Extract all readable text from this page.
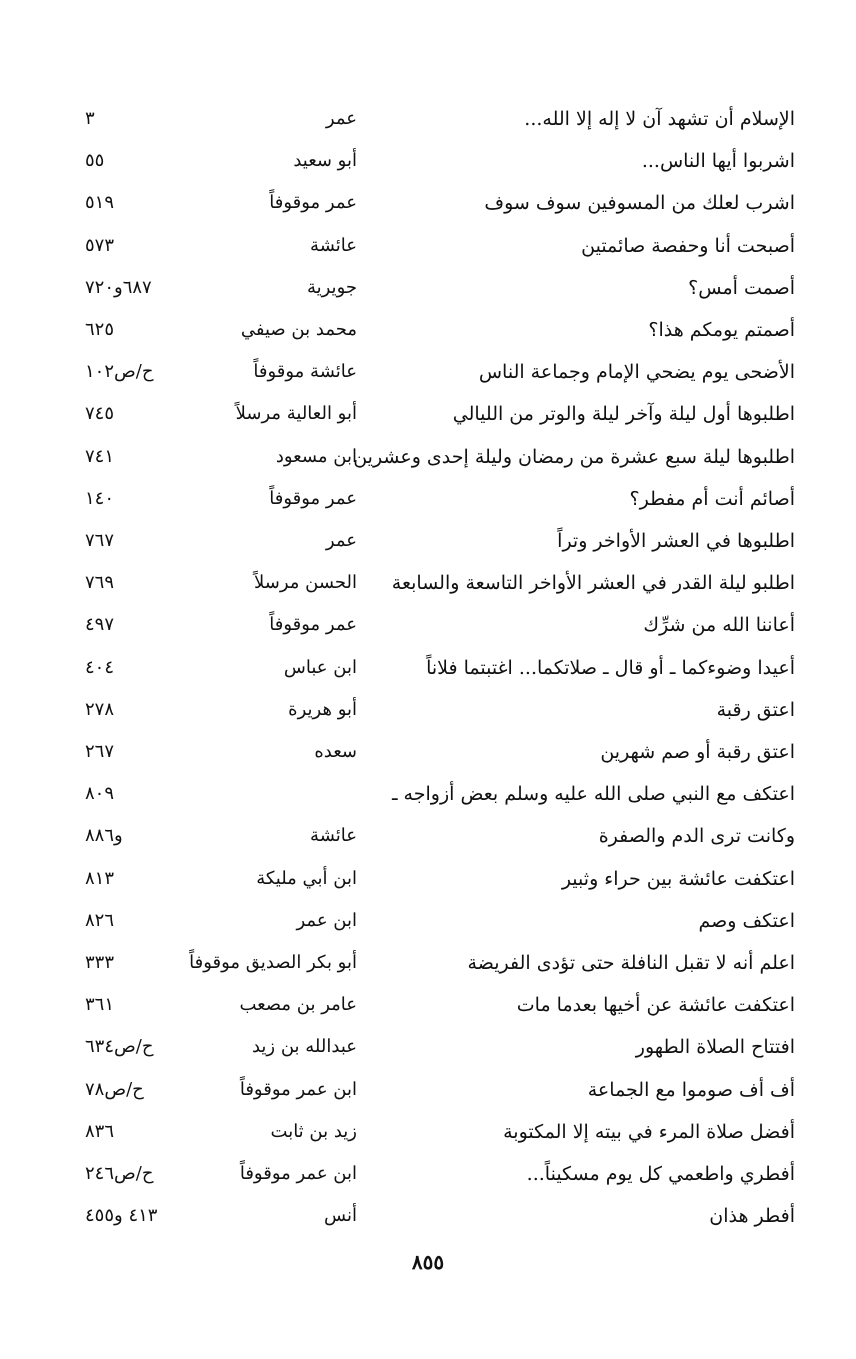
الإسلام أن تشهد آن لا إله إلا الله...
عمر
٣
اشربوا أيها الناس...
أبو سعيد
٥٥
اشرب لعلك من المسوفين سوف سوف
عمر موقوفاً
٥١٩
أصبحت أنا وحفصة صائمتين
عائشة
٥٧٣
أصمت أمس؟
جويرية
٦٨٧و٧٢٠
أصمتم يومكم هذا؟
محمد بن صيفي
٦٢٥
الأضحى يوم يضحي الإمام وجماعة الناس
عائشة موقوفاً
ح/ص١٠٢
اطلبوها أول ليلة وآخر ليلة والوتر من الليالي
أبو العالية مرسلاً
٧٤٥
اطلبوها ليلة سبع عشرة من رمضان وليلة إحدى وعشرين
ابن مسعود
٧٤١
أصائم أنت أم مفطر؟
عمر موقوفاً
١٤٠
اطلبوها في العشر الأواخر وتراً
عمر
٧٦٧
اطلبو ليلة القدر في العشر الأواخر التاسعة والسابعة
الحسن مرسلاً
٧٦٩
أعاننا الله من شرِّك
عمر موقوفاً
٤٩٧
أعيدا وضوءكما ـ أو قال ـ صلاتكما... اغتبتما فلاناً
ابن عباس
٤٠٤
اعتق رقبة
أبو هريرة
٢٧٨
اعتق رقبة أو صم شهرين
سعده
٢٦٧
اعتكف مع النبي صلى الله عليه وسلم بعض أزواجه ـ
٨٠٩
وكانت ترى الدم والصفرة
عائشة
و٨٨٦
اعتكفت عائشة بين حراء وثبير
ابن أبي مليكة
٨١٣
اعتكف وصم
ابن عمر
٨٢٦
اعلم أنه لا تقبل النافلة حتى تؤدى الفريضة
أبو بكر الصديق موقوفاً
٣٣٣
اعتكفت عائشة عن أخيها بعدما مات
عامر بن مصعب
٣٦١
افتتاح الصلاة الطهور
عبدالله بن زيد
ح/ص٦٣٤
أف أف صوموا مع الجماعة
ابن عمر موقوفاً
ح/ص٧٨
أفضل صلاة المرء في بيته إلا المكتوبة
زيد بن ثابت
٨٣٦
أفطري واطعمي كل يوم مسكيناً...
ابن عمر موقوفاً
ح/ص٢٤٦
أفطر هذان
أنس
٤١٣ و٤٥٥
٨٥٥
